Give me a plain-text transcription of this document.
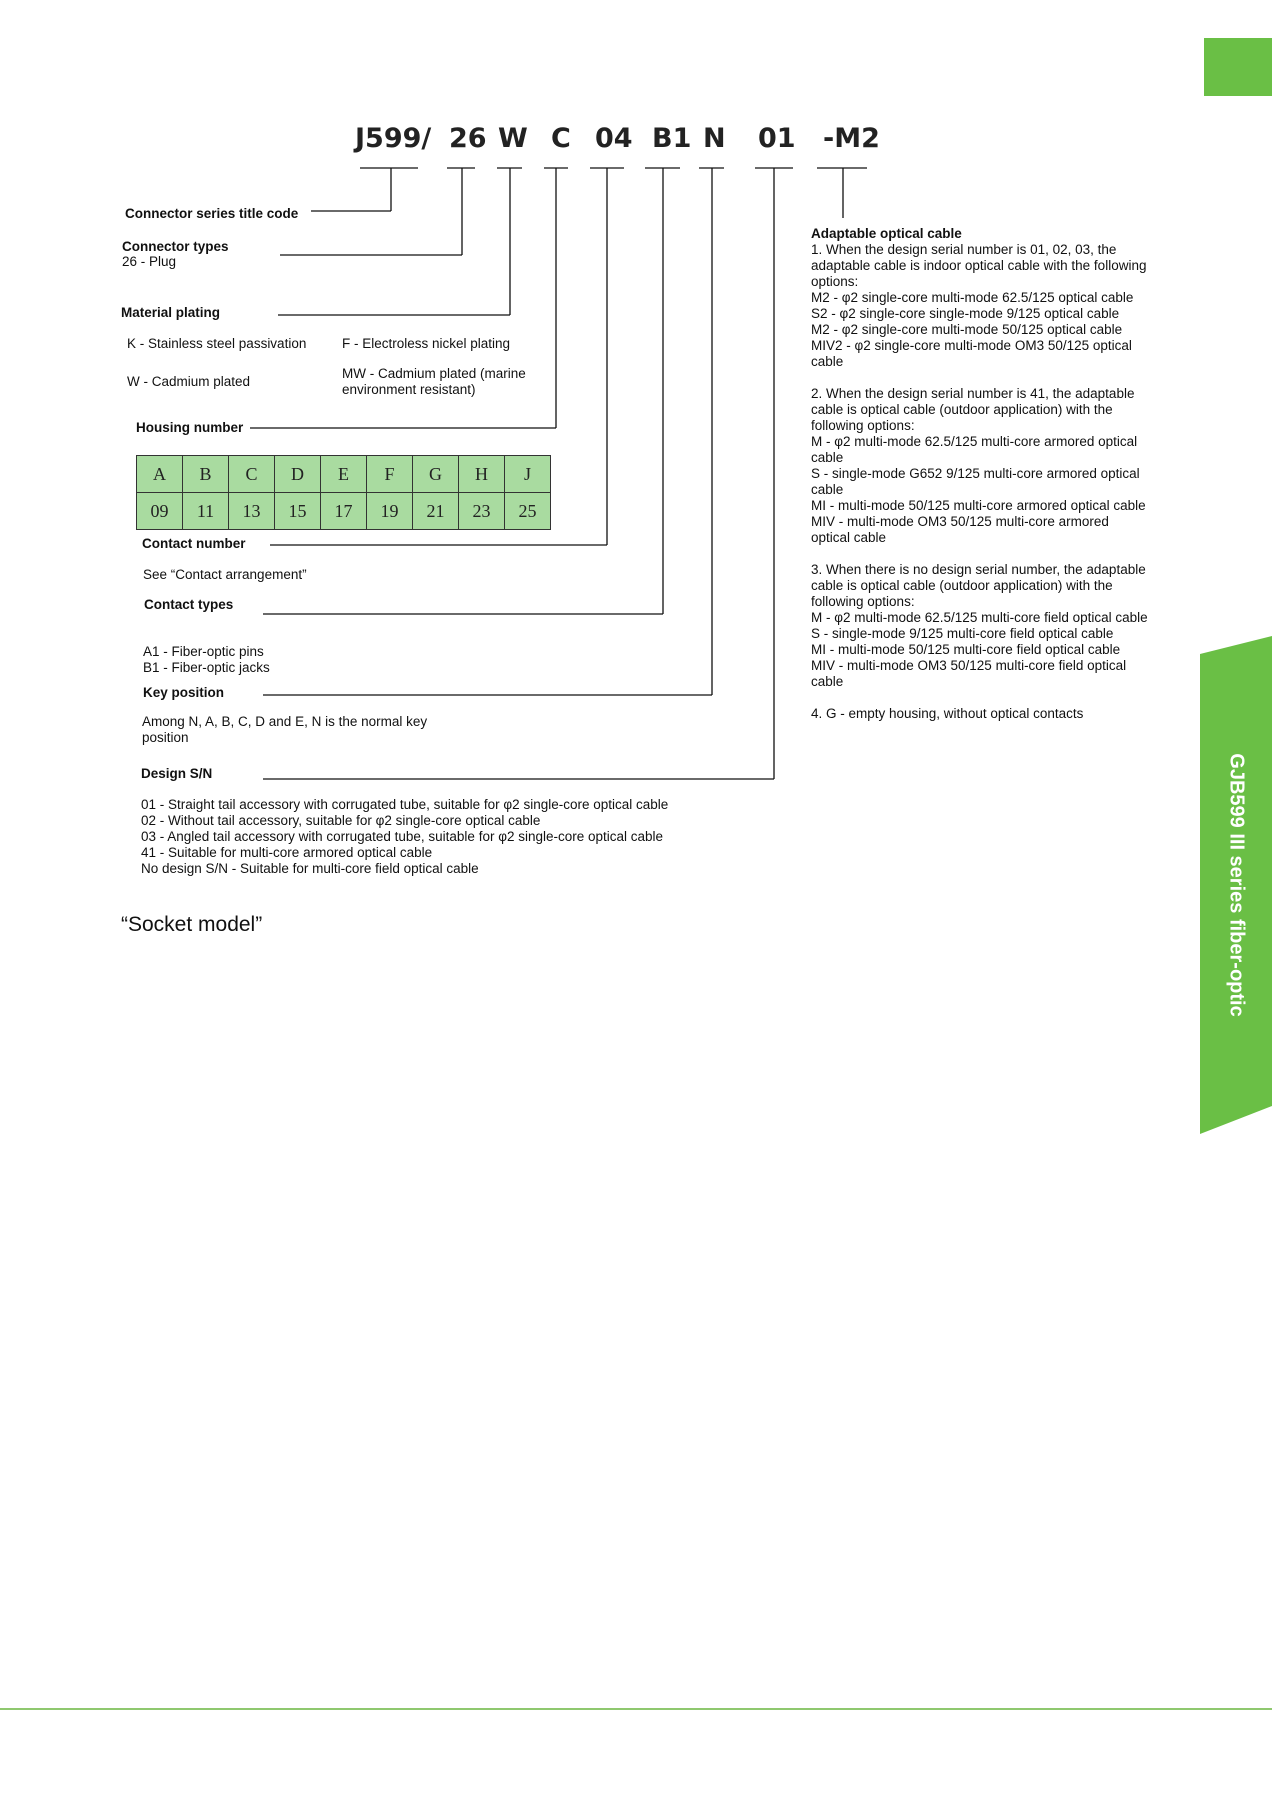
GJB599 III series fiber-optic
J599/ 26 W C 04 B1 N 01 -M2
Connector series title code
Connector types
26 - Plug
Material plating
K - Stainless steel passivation	F - Electroless nickel plating
W - Cadmium plated
MW - Cadmium plated (marine environment resistant)
Housing number
A	B	C	D	E	F	G	H	J
09	11	13	15	17	19	21	23	25
Contact number
See “Contact arrangement”
Contact types
A1 - Fiber-optic pins
B1 - Fiber-optic jacks
Key position
Among N, A, B, C, D and E, N is the normal key position
Design S/N
01 - Straight tail accessory with corrugated tube, suitable for φ2 single-core optical cable
02 - Without tail accessory, suitable for φ2 single-core optical cable
03 - Angled tail accessory with corrugated tube, suitable for φ2 single-core optical cable
41 - Suitable for multi-core armored optical cable
No design S/N - Suitable for multi-core field optical cable
“Socket model”
Adaptable optical cable
1. When the design serial number is 01, 02, 03, the adaptable cable is indoor optical cable with the following options:
M2 - φ2 single-core multi-mode 62.5/125 optical cable
S2 - φ2 single-core single-mode 9/125 optical cable
M2 - φ2 single-core multi-mode 50/125 optical cable
MIV2 - φ2 single-core multi-mode OM3 50/125 optical cable
2. When the design serial number is 41, the adaptable cable is optical cable (outdoor application) with the following options:
M - φ2 multi-mode 62.5/125 multi-core armored optical cable
S - single-mode G652 9/125 multi-core armored optical cable
MI - multi-mode 50/125 multi-core armored optical cable
MIV - multi-mode OM3 50/125 multi-core armored optical cable
3. When there is no design serial number, the adaptable cable is optical cable (outdoor application) with the following options:
M - φ2 multi-mode 62.5/125 multi-core field optical cable
S - single-mode 9/125 multi-core field optical cable
MI - multi-mode 50/125 multi-core field optical cable
MIV - multi-mode OM3 50/125 multi-core field optical cable
4. G - empty housing, without optical contacts
